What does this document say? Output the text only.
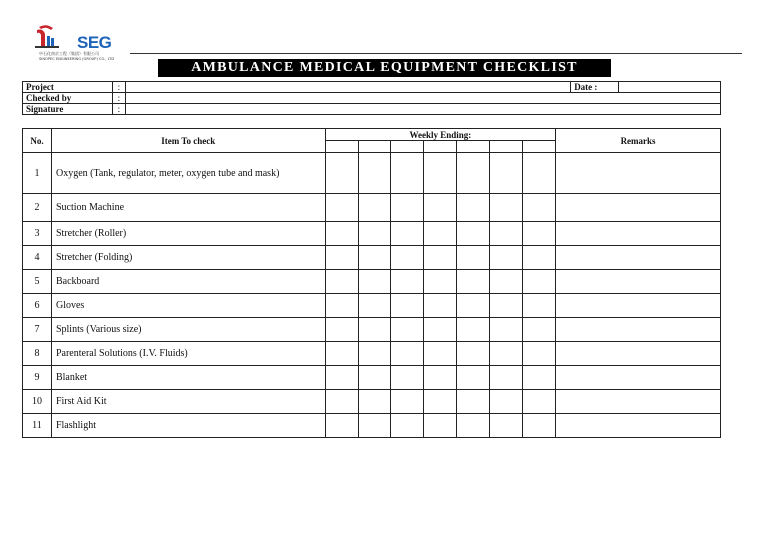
SEG
中石化南京工程（集团）有限公司
SINOPEC ENGINEERING (GROUP) CO., LTD
AMBULANCE MEDICAL EQUIPMENT CHECKLIST
Project	:		Date :	
Checked by	:			
Signature	:			
No.	Item To check	Weekly Ending:							Remarks

1	Oxygen (Tank, regulator, meter, oxygen tube and mask)								
2	Suction Machine								
3	Stretcher (Roller)								
4	Stretcher (Folding)								
5	Backboard								
6	Gloves								
7	Splints (Various size)								
8	Parenteral Solutions (I.V. Fluids)								
9	Blanket								
10	First Aid Kit								
11	Flashlight								
